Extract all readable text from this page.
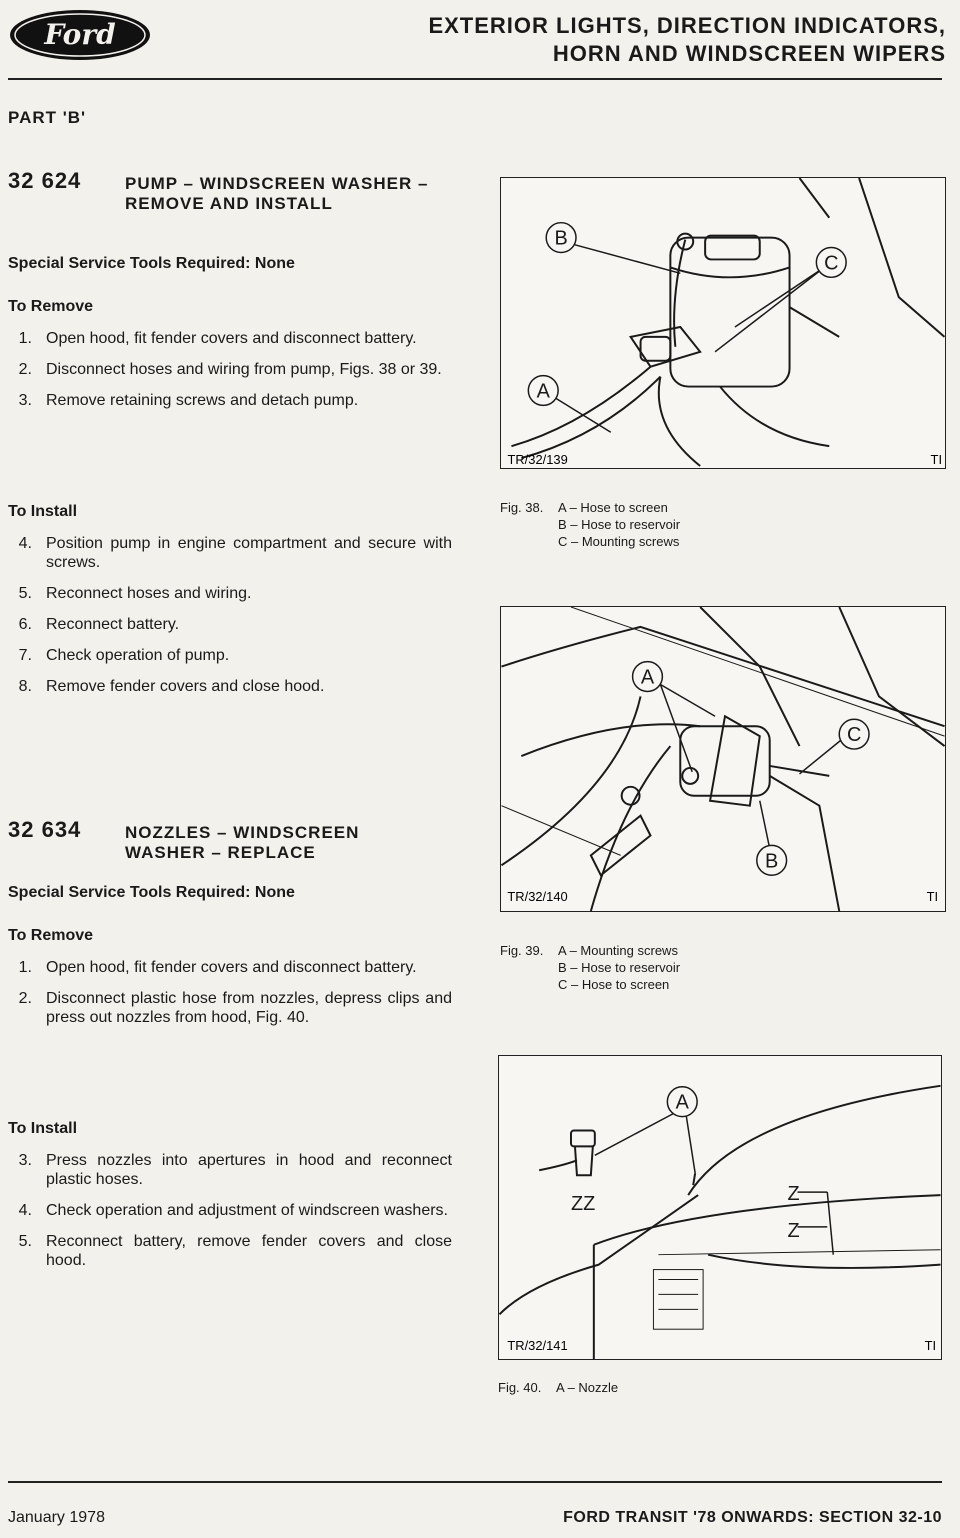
Ford	EXTERIOR LIGHTS, DIRECTION INDICATORS,
HORN AND WINDSCREEN WIPERS
PART 'B'
32 624	PUMP – WINDSCREEN WASHER – REMOVE AND INSTALL
Special Service Tools Required: None
To Remove
1. Open hood, fit fender covers and disconnect battery.
2. Disconnect hoses and wiring from pump, Figs. 38 or 39.
3. Remove retaining screws and detach pump.
To Install
4. Position pump in engine compartment and secure with screws.
5. Reconnect hoses and wiring.
6. Reconnect battery.
7. Check operation of pump.
8. Remove fender covers and close hood.
32 634	NOZZLES – WINDSCREEN WASHER – REPLACE
Special Service Tools Required: None
To Remove
1. Open hood, fit fender covers and disconnect battery.
2. Disconnect plastic hose from nozzles, depress clips and press out nozzles from hood, Fig. 40.
To Install
3. Press nozzles into apertures in hood and reconnect plastic hoses.
4. Check operation and adjustment of windscreen washers.
5. Reconnect battery, remove fender covers and close hood.
B
C
A
TR/32/139	TI
Fig. 38.	A – Hose to screen
B – Hose to reservoir
C – Mounting screws
A
C
B
TR/32/140	TI
Fig. 39.	A – Mounting screws
B – Hose to reservoir
C – Hose to screen
A
ZZ	Z
Z
TR/32/141	TI
Fig. 40.	A – Nozzle
January 1978	FORD TRANSIT '78 ONWARDS: SECTION 32-10
